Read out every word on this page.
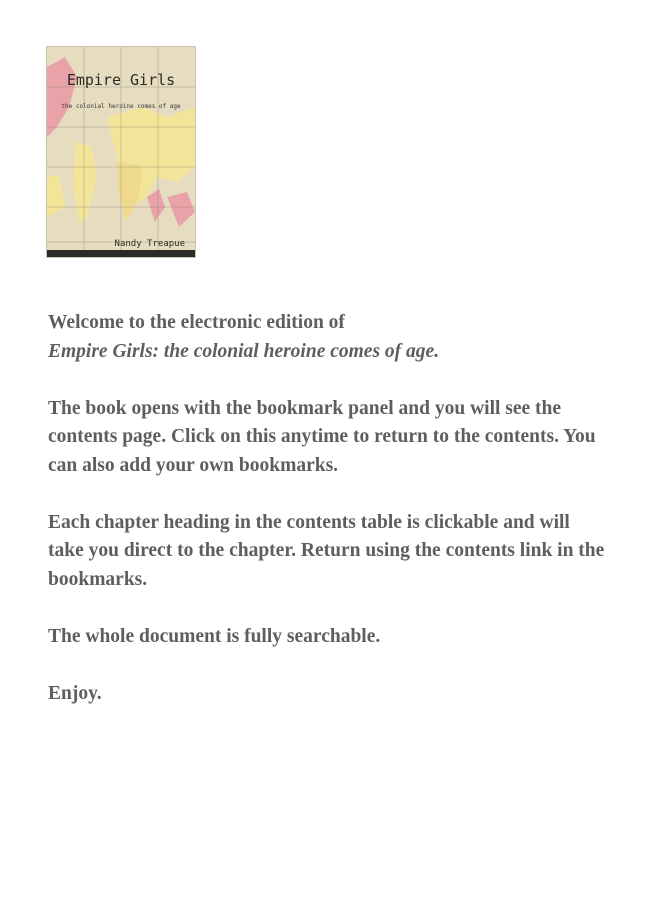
Empire Girls
the colonial heroine comes of age
Nandy Treapue

Welcome to the electronic edition of
Empire Girls: the colonial heroine comes of age.

The book opens with the bookmark panel and you will see the contents page. Click on this anytime to return to the contents. You can also add your own bookmarks.

Each chapter heading in the contents table is clickable and will take you direct to the chapter. Return using the contents link in the bookmarks.

The whole document is fully searchable.

Enjoy.
